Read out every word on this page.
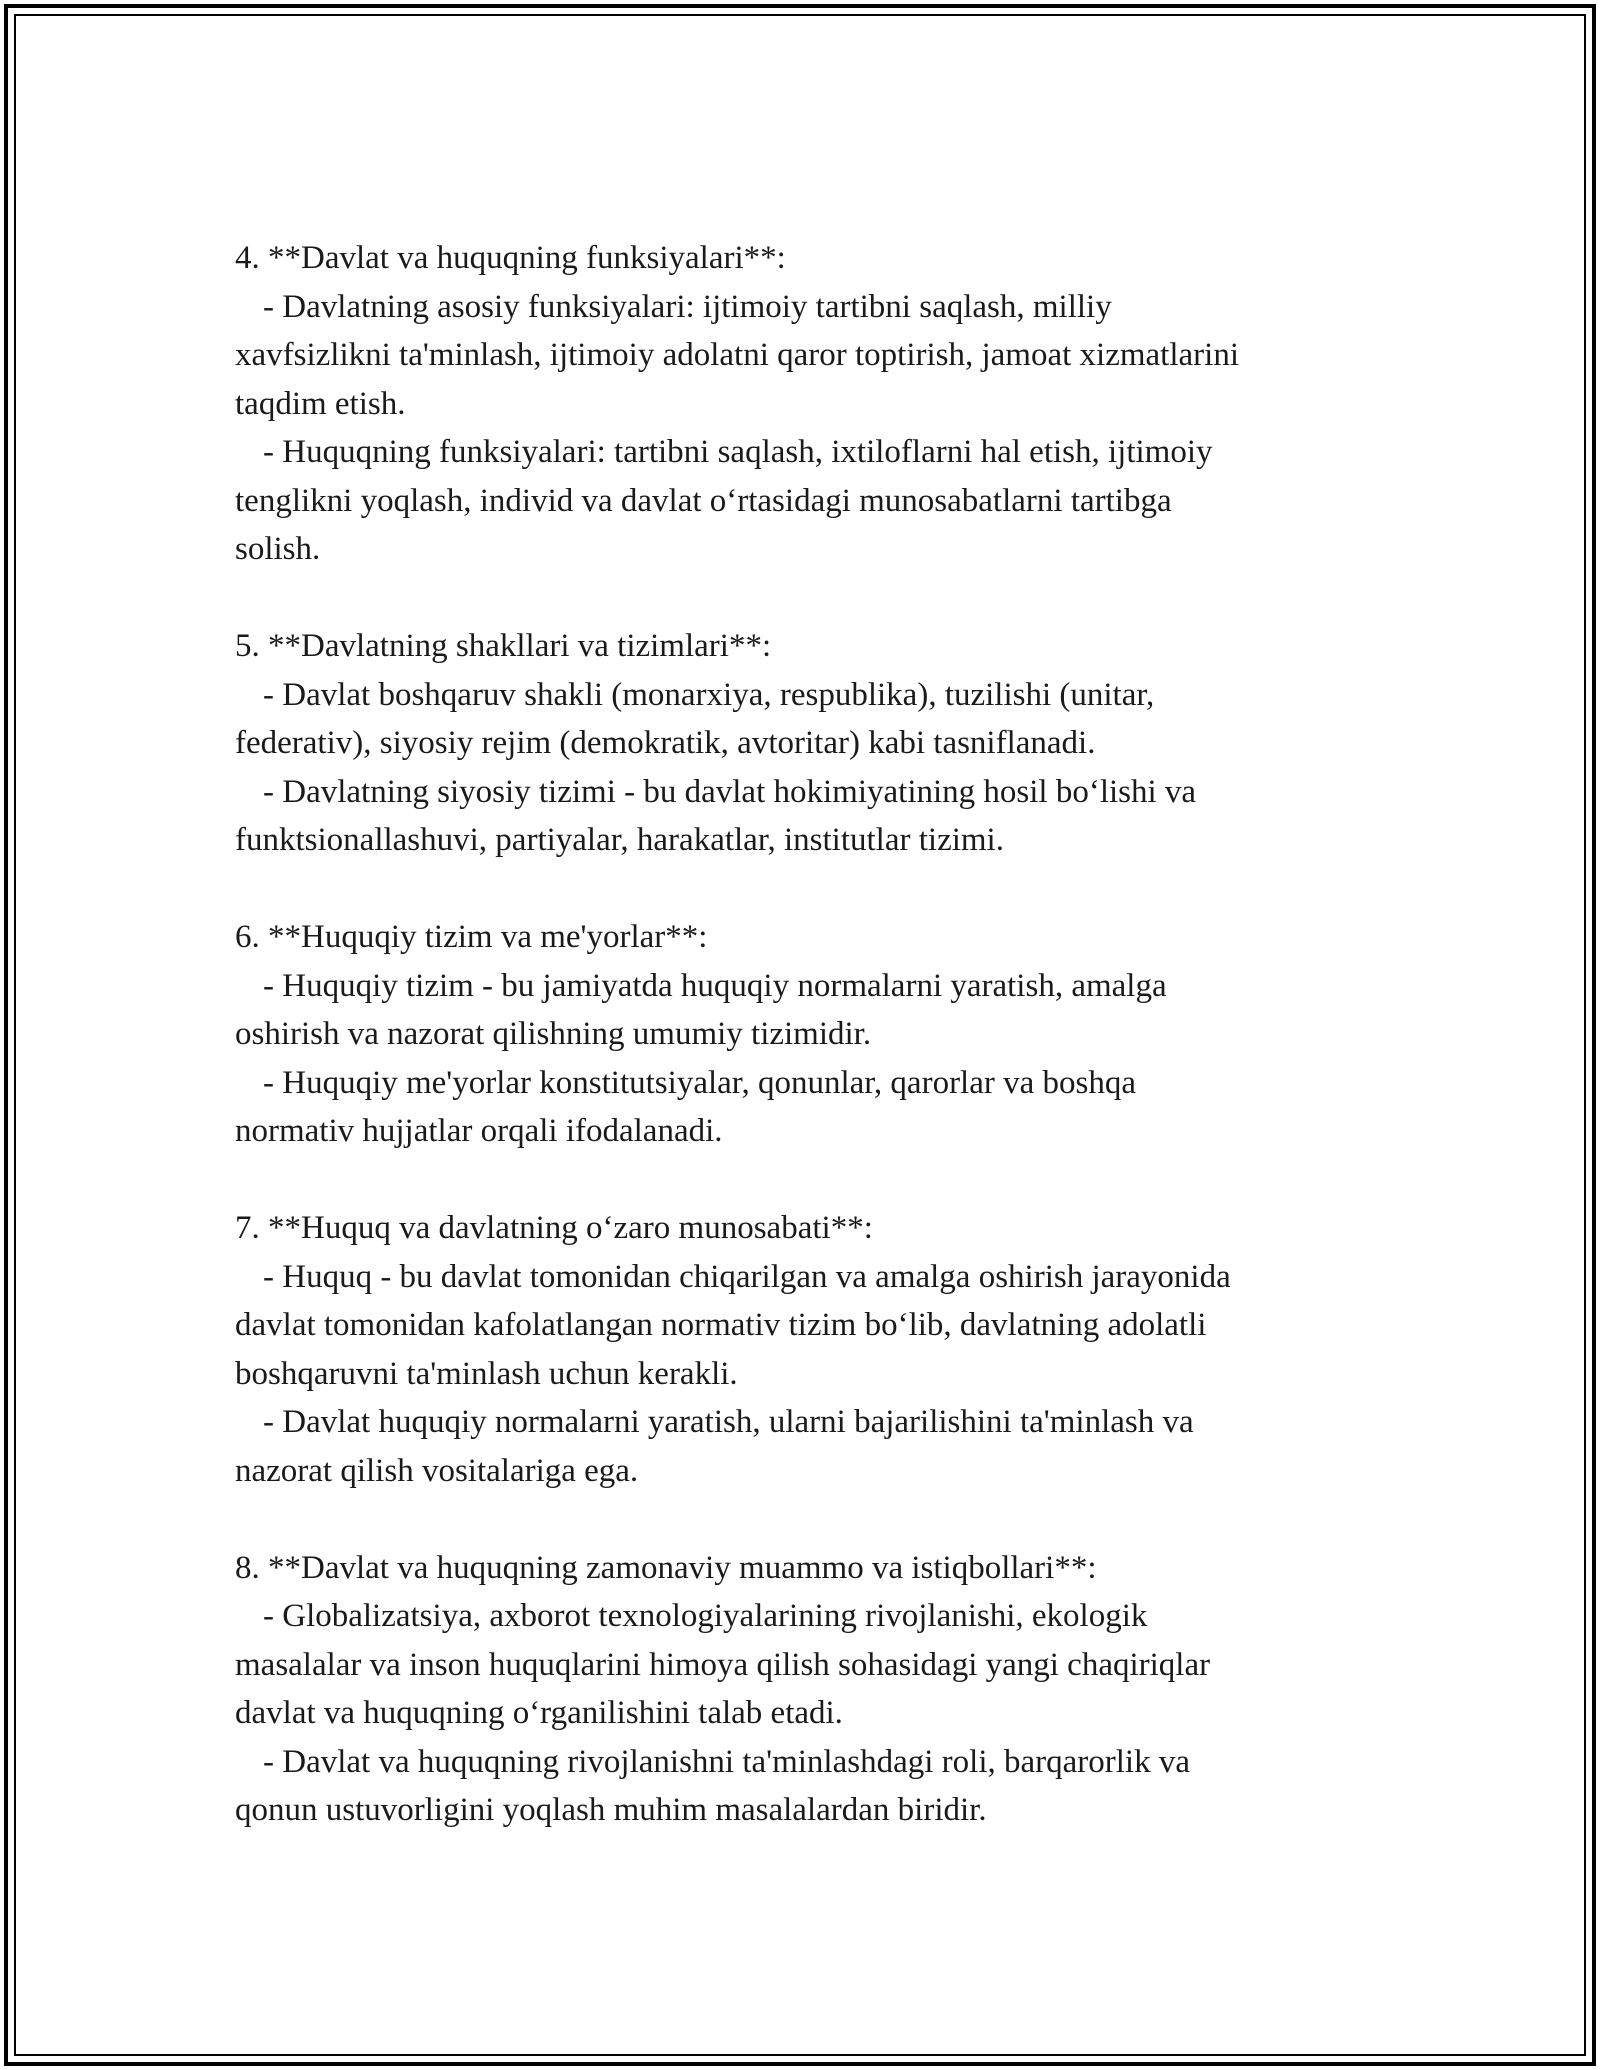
4. **Davlat va huquqning funksiyalari**:
- Davlatning asosiy funksiyalari: ijtimoiy tartibni saqlash, milliy
xavfsizlikni ta'minlash, ijtimoiy adolatni qaror toptirish, jamoat xizmatlarini
taqdim etish.
- Huquqning funksiyalari: tartibni saqlash, ixtiloflarni hal etish, ijtimoiy
tenglikni yoqlash, individ va davlat oʻrtasidagi munosabatlarni tartibga
solish.
5. **Davlatning shakllari va tizimlari**:
- Davlat boshqaruv shakli (monarxiya, respublika), tuzilishi (unitar,
federativ), siyosiy rejim (demokratik, avtoritar) kabi tasniflanadi.
- Davlatning siyosiy tizimi - bu davlat hokimiyatining hosil boʻlishi va
funktsionallashuvi, partiyalar, harakatlar, institutlar tizimi.
6. **Huquqiy tizim va me'yorlar**:
- Huquqiy tizim - bu jamiyatda huquqiy normalarni yaratish, amalga
oshirish va nazorat qilishning umumiy tizimidir.
- Huquqiy me'yorlar konstitutsiyalar, qonunlar, qarorlar va boshqa
normativ hujjatlar orqali ifodalanadi.
7. **Huquq va davlatning oʻzaro munosabati**:
- Huquq - bu davlat tomonidan chiqarilgan va amalga oshirish jarayonida
davlat tomonidan kafolatlangan normativ tizim boʻlib, davlatning adolatli
boshqaruvni ta'minlash uchun kerakli.
- Davlat huquqiy normalarni yaratish, ularni bajarilishini ta'minlash va
nazorat qilish vositalariga ega.
8. **Davlat va huquqning zamonaviy muammo va istiqbollari**:
- Globalizatsiya, axborot texnologiyalarining rivojlanishi, ekologik
masalalar va inson huquqlarini himoya qilish sohasidagi yangi chaqiriqlar
davlat va huquqning oʻrganilishini talab etadi.
- Davlat va huquqning rivojlanishni ta'minlashdagi roli, barqarorlik va
qonun ustuvorligini yoqlash muhim masalalardan biridir.
